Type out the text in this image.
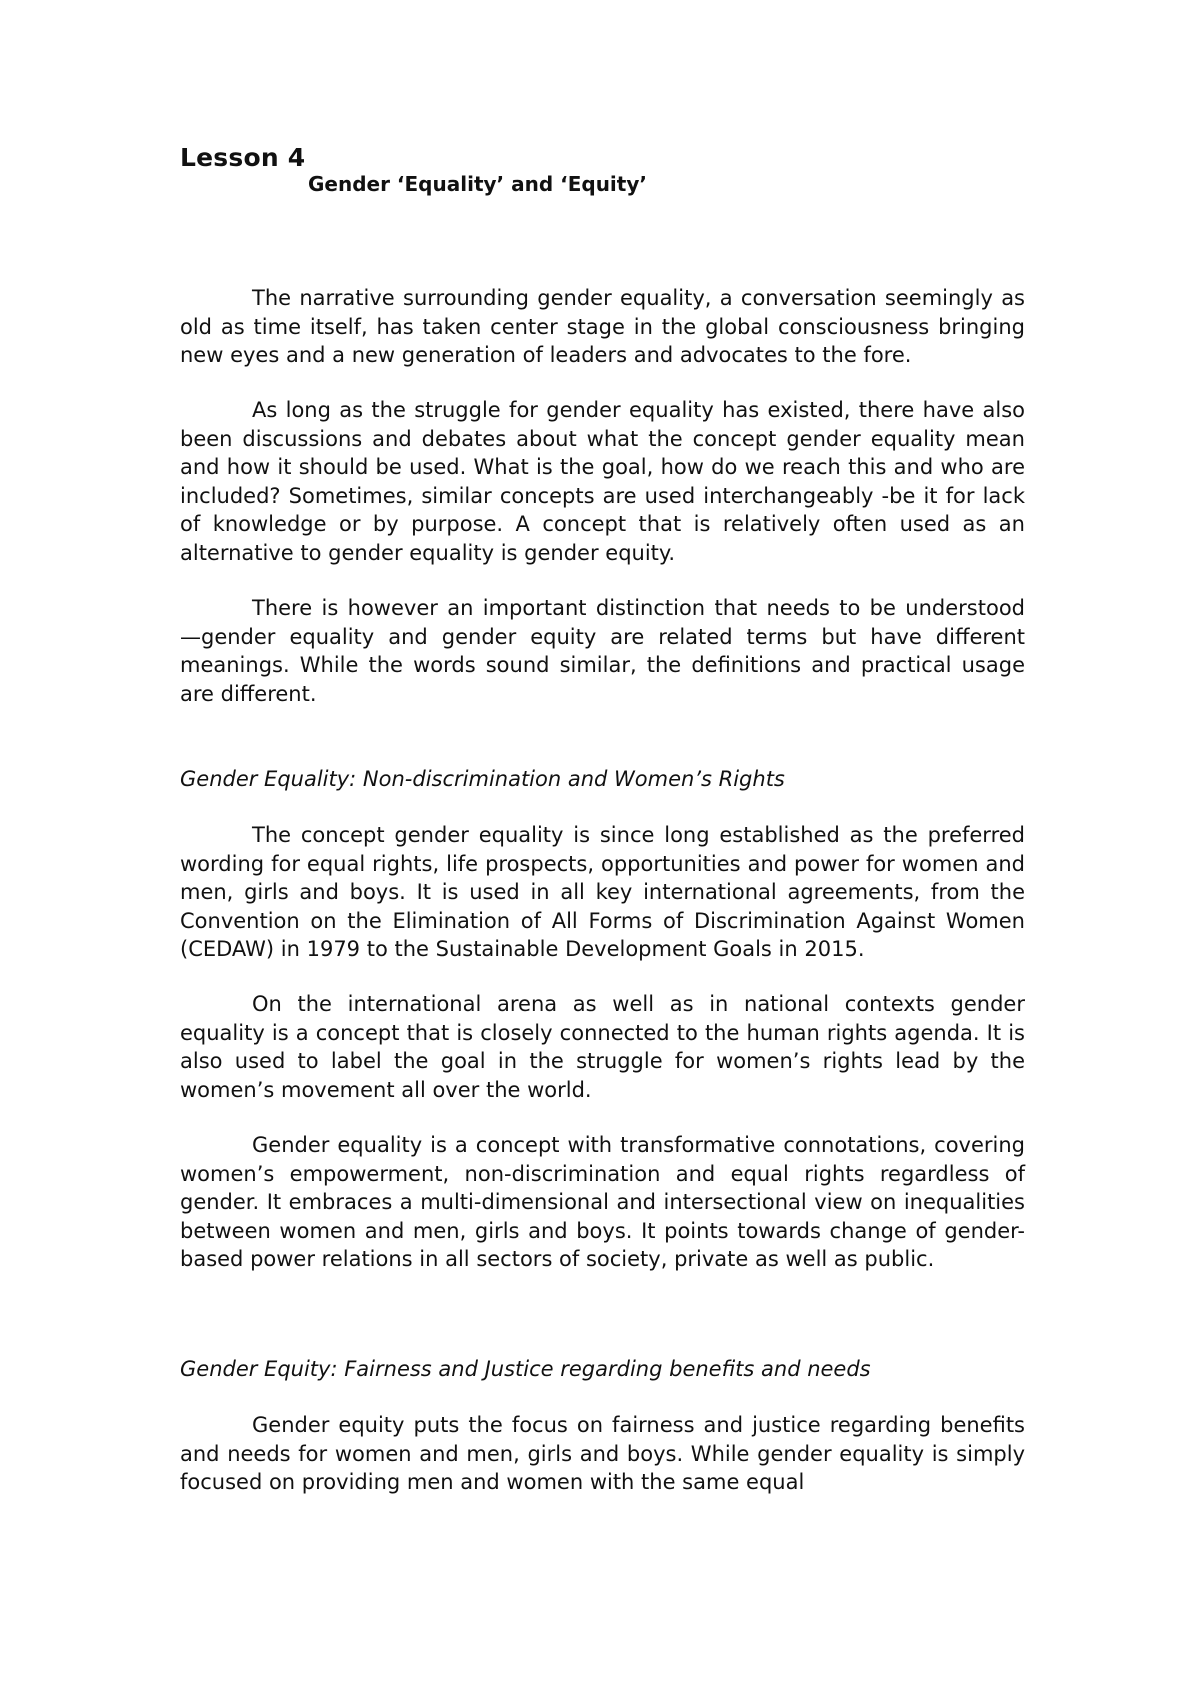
Lesson 4
Gender ‘Equality’ and ‘Equity’

The narrative surrounding gender equality, a conversation seemingly as old as time itself, has taken center stage in the global consciousness bringing new eyes and a new generation of leaders and advocates to the fore.

As long as the struggle for gender equality has existed, there have also been discussions and debates about what the concept gender equality mean and how it should be used. What is the goal, how do we reach this and who are included? Sometimes, similar concepts are used interchangeably -be it for lack of knowledge or by purpose. A concept that is relatively often used as an alternative to gender equality is gender equity.

There is however an important distinction that needs to be understood —gender equality and gender equity are related terms but have different meanings. While the words sound similar, the definitions and practical usage are different.

Gender Equality: Non-discrimination and Women’s Rights

The concept gender equality is since long established as the preferred wording for equal rights, life prospects, opportunities and power for women and men, girls and boys. It is used in all key international agreements, from the Convention on the Elimination of All Forms of Discrimination Against Women (CEDAW) in 1979 to the Sustainable Development Goals in 2015.

On the international arena as well as in national contexts gender equality is a concept that is closely connected to the human rights agenda. It is also used to label the goal in the struggle for women’s rights lead by the women’s movement all over the world.

Gender equality is a concept with transformative connotations, covering women’s empowerment, non-discrimination and equal rights regardless of gender. It embraces a multi-dimensional and intersectional view on inequalities between women and men, girls and boys. It points towards change of gender-based power relations in all sectors of society, private as well as public.

Gender Equity: Fairness and Justice regarding benefits and needs

Gender equity puts the focus on fairness and justice regarding benefits and needs for women and men, girls and boys. While gender equality is simply focused on providing men and women with the same equal
